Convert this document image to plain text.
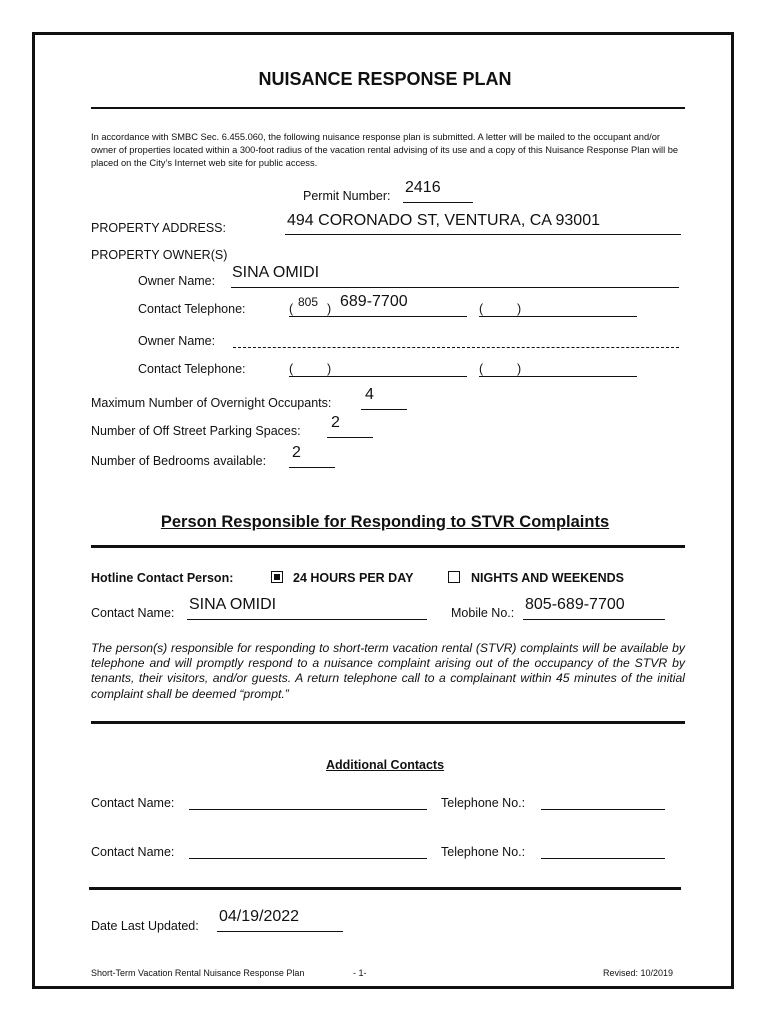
NUISANCE RESPONSE PLAN
In accordance with SMBC Sec. 6.455.060, the following nuisance response plan is submitted. A letter will be mailed to the occupant and/or owner of properties located within a 300-foot radius of the vacation rental advising of its use and a copy of this Nuisance Response Plan will be placed on the City’s Internet web site for public access.
Permit Number: 2416
PROPERTY ADDRESS:	494 CORONADO ST, VENTURA, CA 93001
PROPERTY OWNER(S)
Owner Name: SINA OMIDI
Contact Telephone:	( 805 ) 689-7700	(	)
Owner Name:
Contact Telephone:	(	)	(	)
Maximum Number of Overnight Occupants: 4
Number of Off Street Parking Spaces: 2
Number of Bedrooms available: 2
Person Responsible for Responding to STVR Complaints
Hotline Contact Person:	24 HOURS PER DAY	NIGHTS AND WEEKENDS
Contact Name: SINA OMIDI	Mobile No.: 805-689-7700
The person(s) responsible for responding to short-term vacation rental (STVR) complaints will be available by telephone and will promptly respond to a nuisance complaint arising out of the occupancy of the STVR by tenants, their visitors, and/or guests. A return telephone call to a complainant within 45 minutes of the initial complaint shall be deemed “prompt.”
Additional Contacts
Contact Name:	Telephone No.:
Contact Name:	Telephone No.:
Date Last Updated:
04/19/2022
Short-Term Vacation Rental Nuisance Response Plan	- 1-	Revised: 10/2019
